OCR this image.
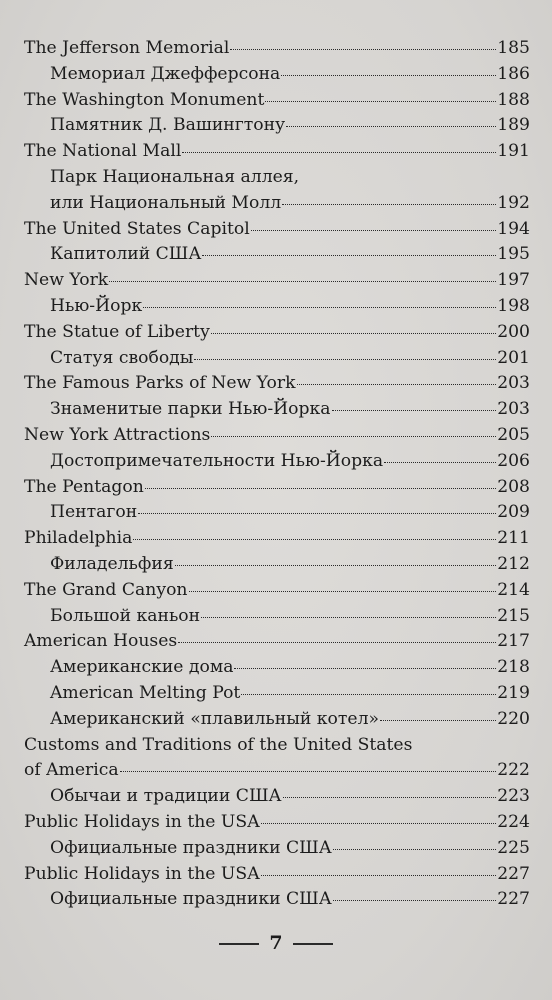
The Jefferson Memorial	185
Мемориал Джефферсона	186
The Washington Monument	188
Памятник Д. Вашингтону	189
The National Mall	191
Парк Национальная аллея,
или Национальный Молл	192
The United States Capitol	194
Капитолий США	195
New York	197
Нью-Йорк	198
The Statue of Liberty	200
Статуя свободы	201
The Famous Parks of New York	203
Знаменитые парки Нью-Йорка	203
New York Attractions	205
Достопримечательности Нью-Йорка	206
The Pentagon	208
Пентагон	209
Philadelphia	211
Филадельфия	212
The Grand Canyon	214
Большой каньон	215
American Houses	217
Американские дома	218
American Melting Pot	219
Американский «плавильный котел»	220
Customs and Traditions of the United States
of America	222
Обычаи и традиции США	223
Public Holidays in the USA	224
Официальные праздники США	225
Public Holidays in the USA	227
Официальные праздники США	227
7
